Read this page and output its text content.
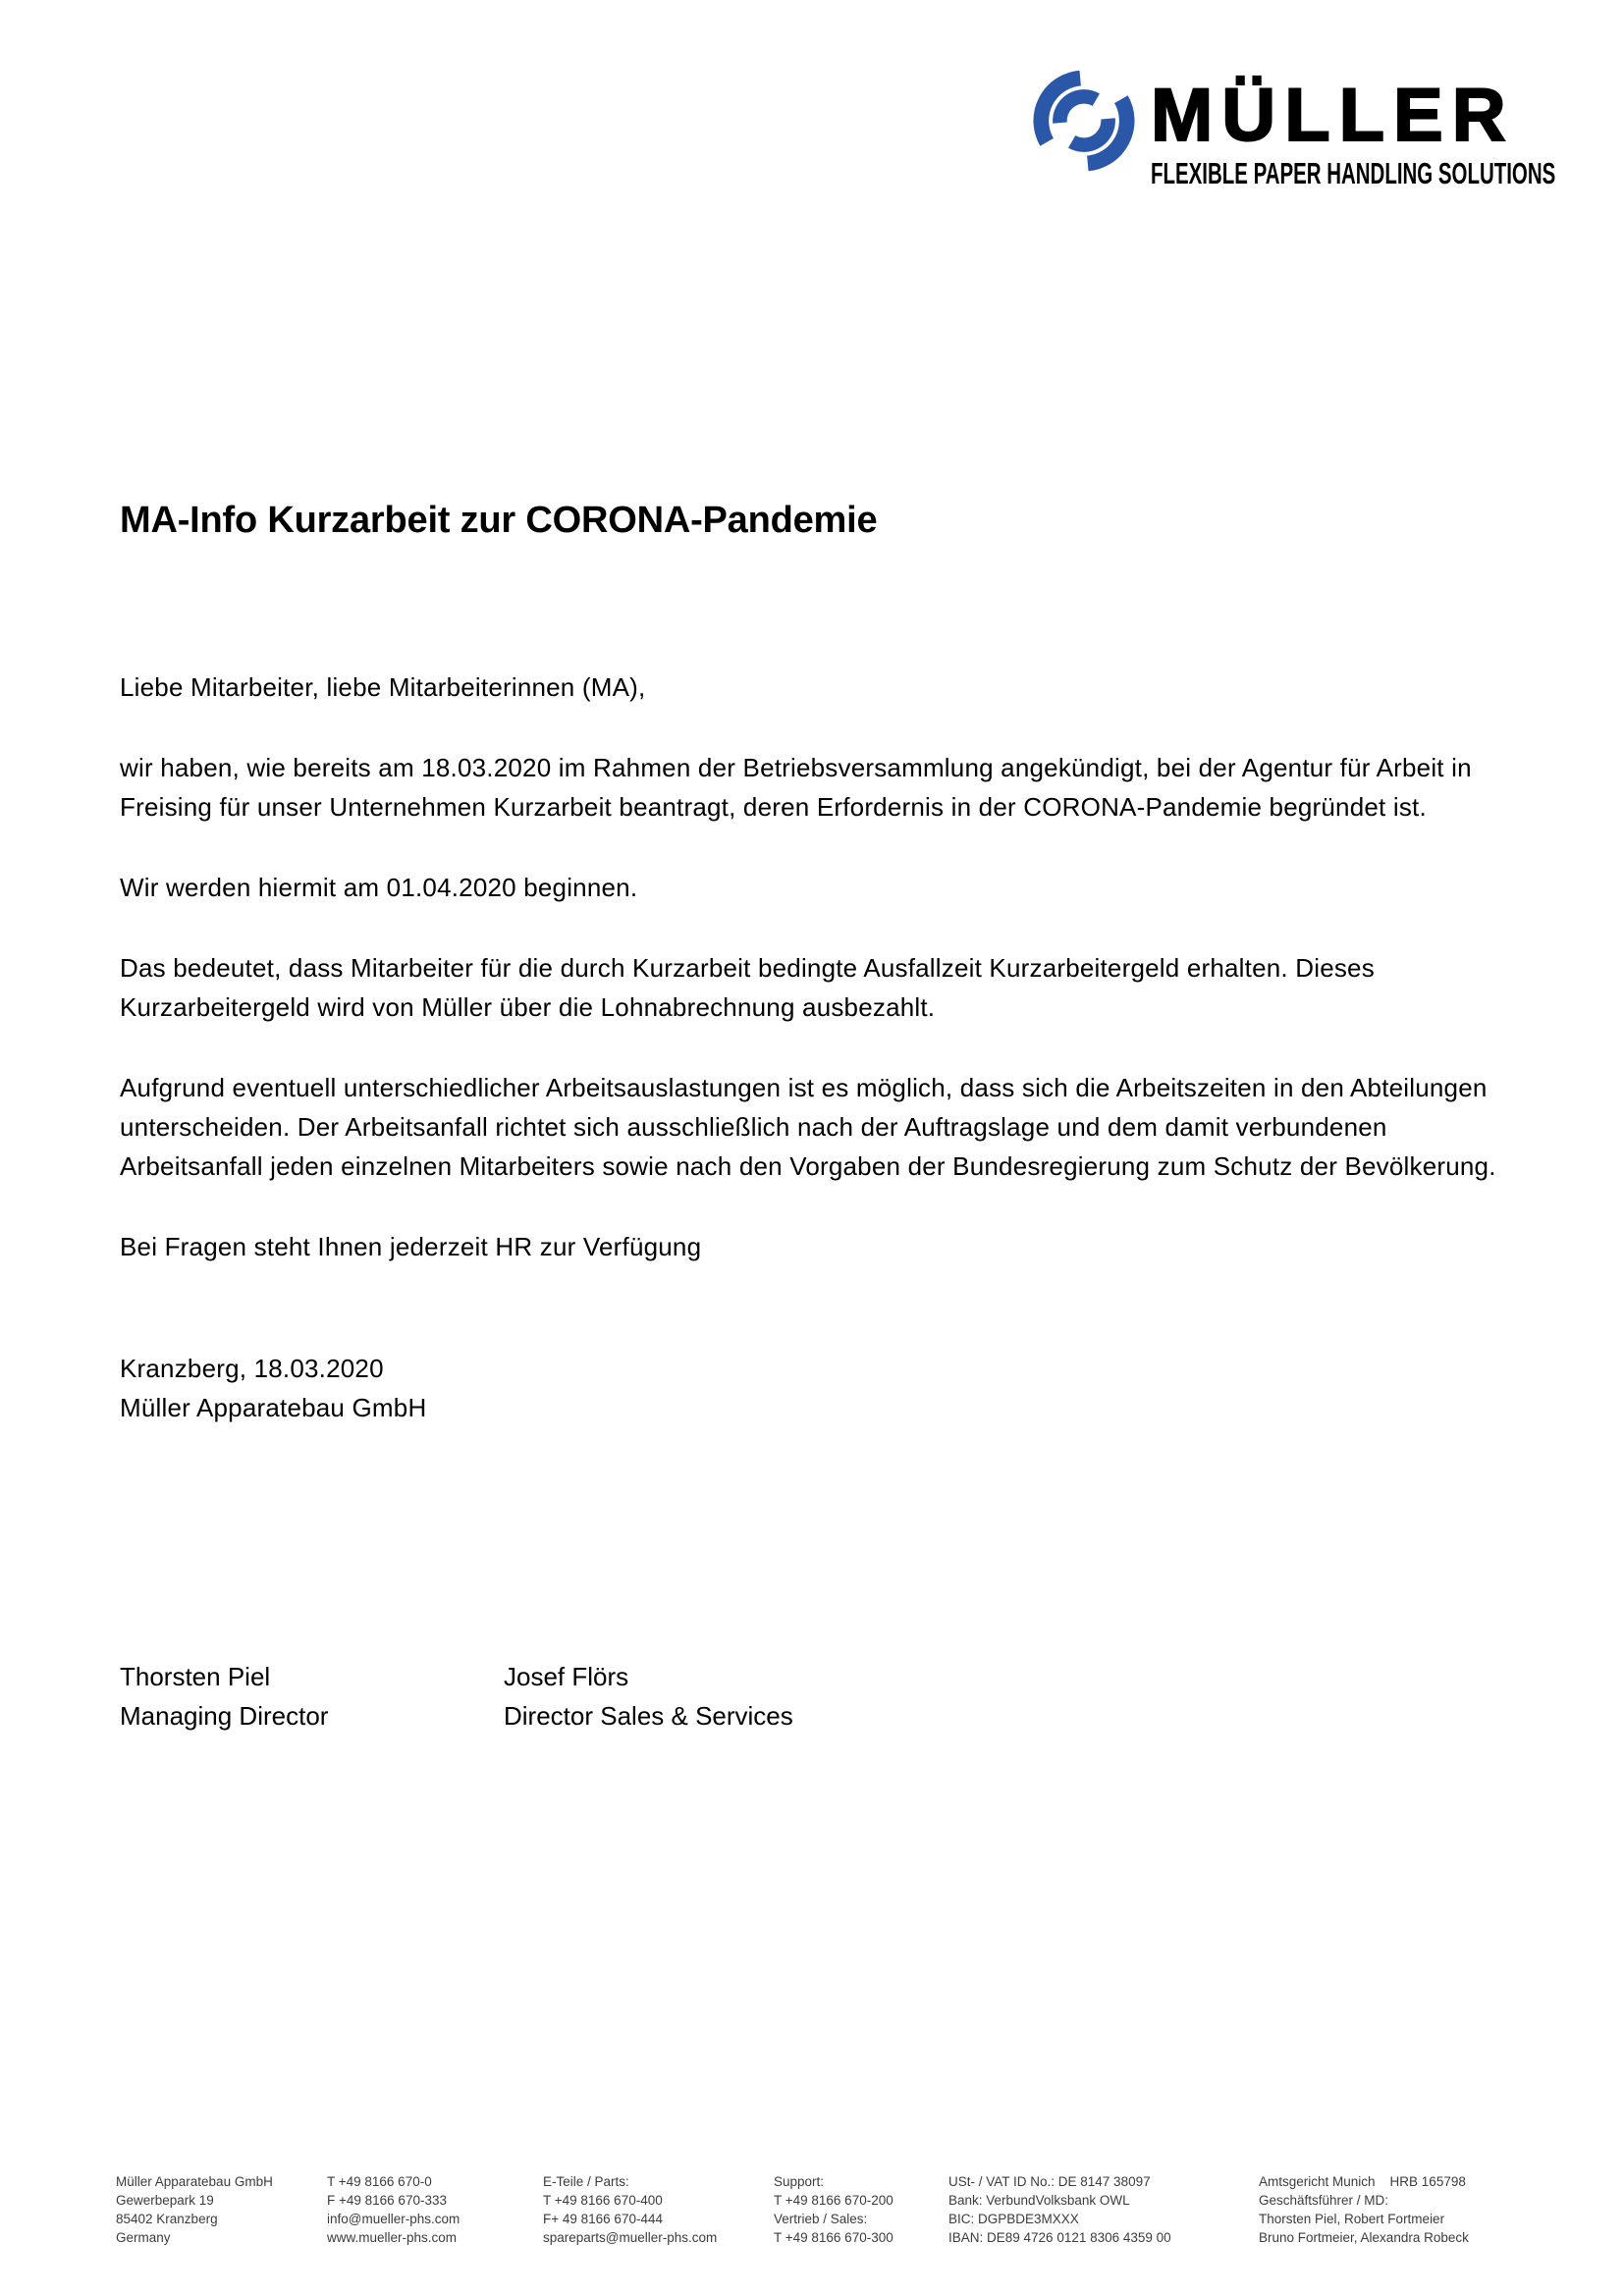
MÜLLER
FLEXIBLE PAPER HANDLING SOLUTIONS
MA-Info Kurzarbeit zur CORONA-Pandemie

Liebe Mitarbeiter, liebe Mitarbeiterinnen (MA),

wir haben, wie bereits am 18.03.2020 im Rahmen der Betriebsversammlung angekündigt, bei der Agentur für Arbeit in Freising für unser Unternehmen Kurzarbeit beantragt, deren Erfordernis in der CORONA-Pandemie begründet ist.

Wir werden hiermit am 01.04.2020 beginnen.

Das bedeutet, dass Mitarbeiter für die durch Kurzarbeit bedingte Ausfallzeit Kurzarbeitergeld erhalten. Dieses Kurzarbeitergeld wird von Müller über die Lohnabrechnung ausbezahlt.

Aufgrund eventuell unterschiedlicher Arbeitsauslastungen ist es möglich, dass sich die Arbeitszeiten in den Abteilungen unterscheiden. Der Arbeitsanfall richtet sich ausschließlich nach der Auftragslage und dem damit verbundenen Arbeitsanfall jeden einzelnen Mitarbeiters sowie nach den Vorgaben der Bundesregierung zum Schutz der Bevölkerung.

Bei Fragen steht Ihnen jederzeit HR zur Verfügung

Kranzberg, 18.03.2020

Müller Apparatebau GmbH

Thorsten Piel
Managing Director
Josef Flörs
Director Sales & Services
Müller Apparatebau GmbH
Gewerbepark 19
85402 Kranzberg
Germany
T +49 8166 670-0
F +49 8166 670-333
info@mueller-phs.com
www.mueller-phs.com
E-Teile / Parts:
T +49 8166 670-400
F+ 49 8166 670-444
spareparts@mueller-phs.com
Support:
T +49 8166 670-200
Vertrieb / Sales:
T +49 8166 670-300
USt- / VAT ID No.: DE 8147 38097
Bank: VerbundVolksbank OWL
BIC: DGPBDE3MXXX
IBAN: DE89 4726 0121 8306 4359 00
Amtsgericht Munich    HRB 165798
Geschäftsführer / MD:
Thorsten Piel, Robert Fortmeier
Bruno Fortmeier, Alexandra Robeck
